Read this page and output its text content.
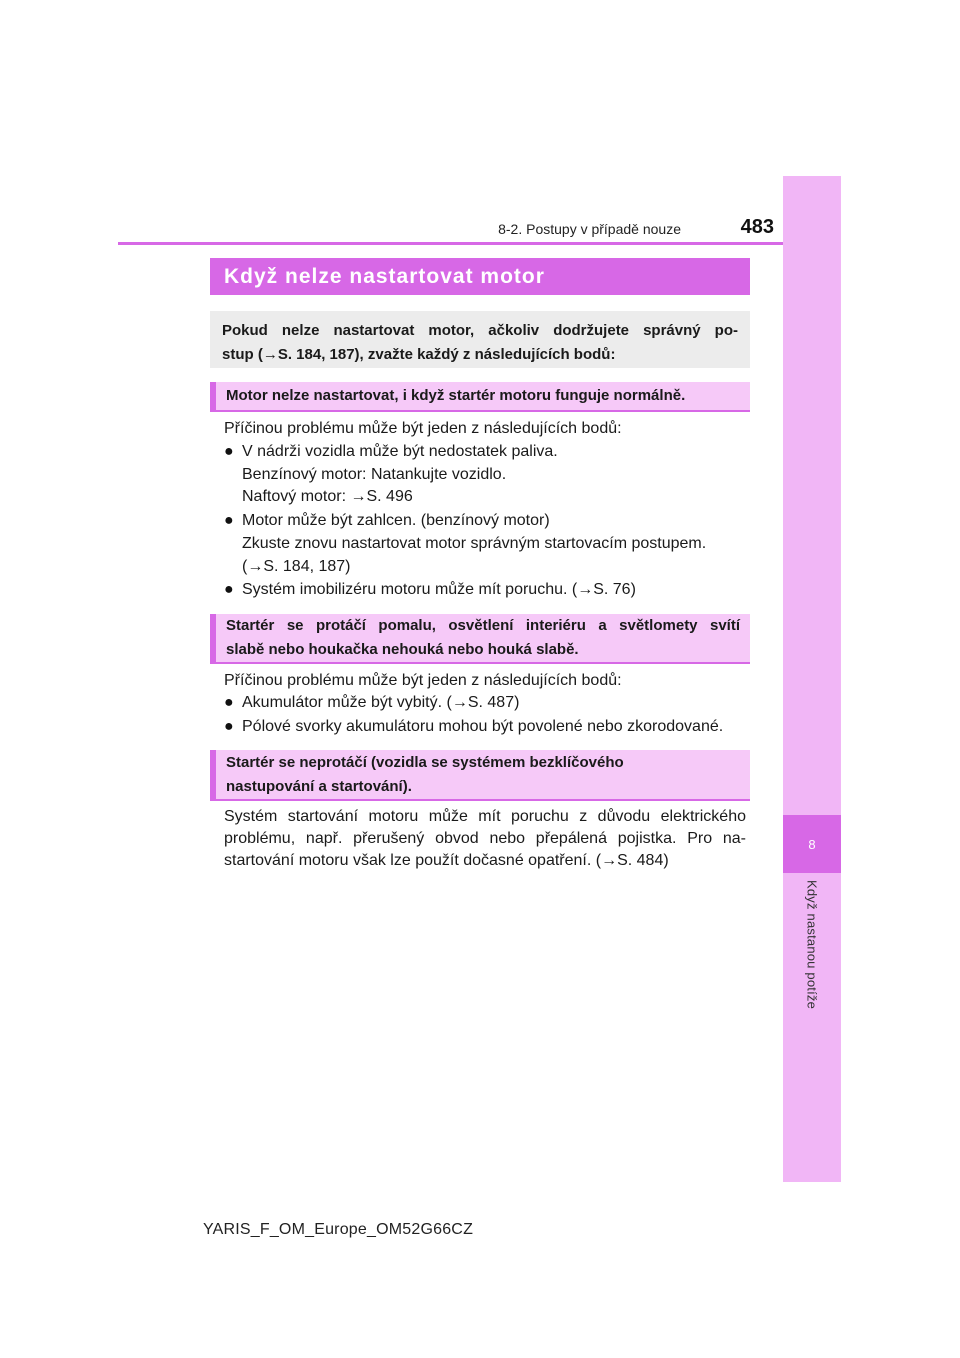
8
Když nastanou potíže
8-2. Postupy v případě nouze	483
Když nelze nastartovat motor
Pokud nelze nastartovat motor, ačkoliv dodržujete správný po-
stup (→S. 184, 187), zvažte každý z následujících bodů:
Motor nelze nastartovat, i když startér motoru funguje normálně.
Příčinou problému může být jeden z následujících bodů:
● V nádrži vozidla může být nedostatek paliva.
Benzínový motor: Natankujte vozidlo.
Naftový motor: →S. 496
● Motor může být zahlcen. (benzínový motor)
Zkuste znovu nastartovat motor správným startovacím postupem.
(→S. 184, 187)
● Systém imobilizéru motoru může mít poruchu. (→S. 76)
Startér se protáčí pomalu, osvětlení interiéru a světlomety svítí
slabě nebo houkačka nehouká nebo houká slabě.
Příčinou problému může být jeden z následujících bodů:
● Akumulátor může být vybitý. (→S. 487)
● Pólové svorky akumulátoru mohou být povolené nebo zkorodované.
Startér se neprotáčí (vozidla se systémem bezklíčového
nastupování a startování).
Systém startování motoru může mít poruchu z důvodu elektrického
problému, např. přerušený obvod nebo přepálená pojistka. Pro na-
startování motoru však lze použít dočasné opatření. (→S. 484)
YARIS_F_OM_Europe_OM52G66CZ
